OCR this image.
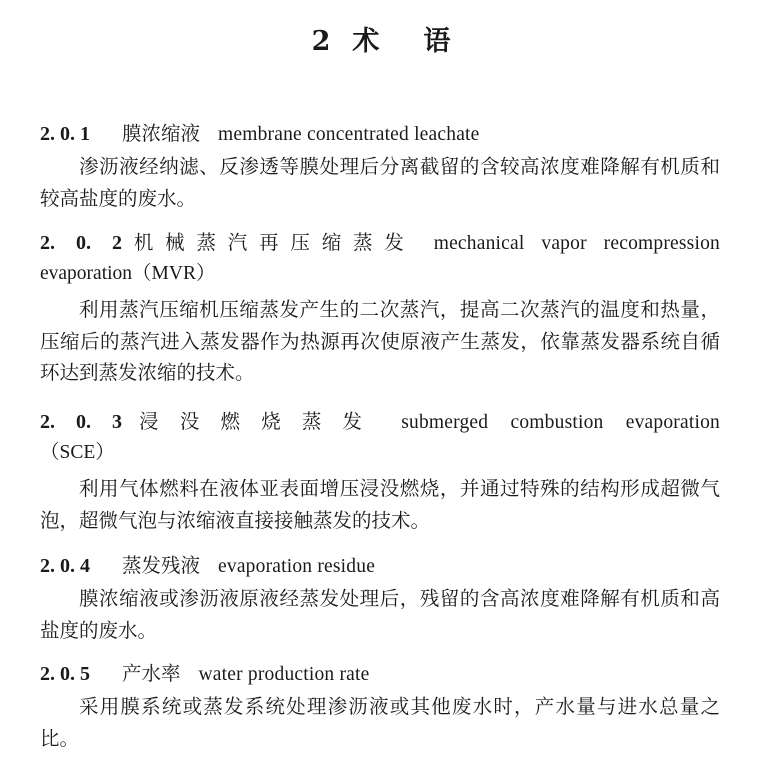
2 术 语
2. 0. 1 膜浓缩液 membrane concentrated leachate

渗沥液经纳滤、反渗透等膜处理后分离截留的含较高浓度难降解有机质和较高盐度的废水。

2. 0. 2机械蒸汽再压缩蒸发 mechanical vapor recompression
evaporation（MVR）

利用蒸汽压缩机压缩蒸发产生的二次蒸汽，提高二次蒸汽的温度和热量，压缩后的蒸汽进入蒸发器作为热源再次使原液产生蒸发，依靠蒸发器系统自循环达到蒸发浓缩的技术。

2. 0. 3浸没燃烧蒸发 submerged combustion evaporation
（SCE）

利用气体燃料在液体亚表面增压浸没燃烧，并通过特殊的结构形成超微气泡，超微气泡与浓缩液直接接触蒸发的技术。

2. 0. 4 蒸发残液 evaporation residue

膜浓缩液或渗沥液原液经蒸发处理后，残留的含高浓度难降解有机质和高盐度的废水。

2. 0. 5 产水率 water production rate

采用膜系统或蒸发系统处理渗沥液或其他废水时，产水量与进水总量之比。
